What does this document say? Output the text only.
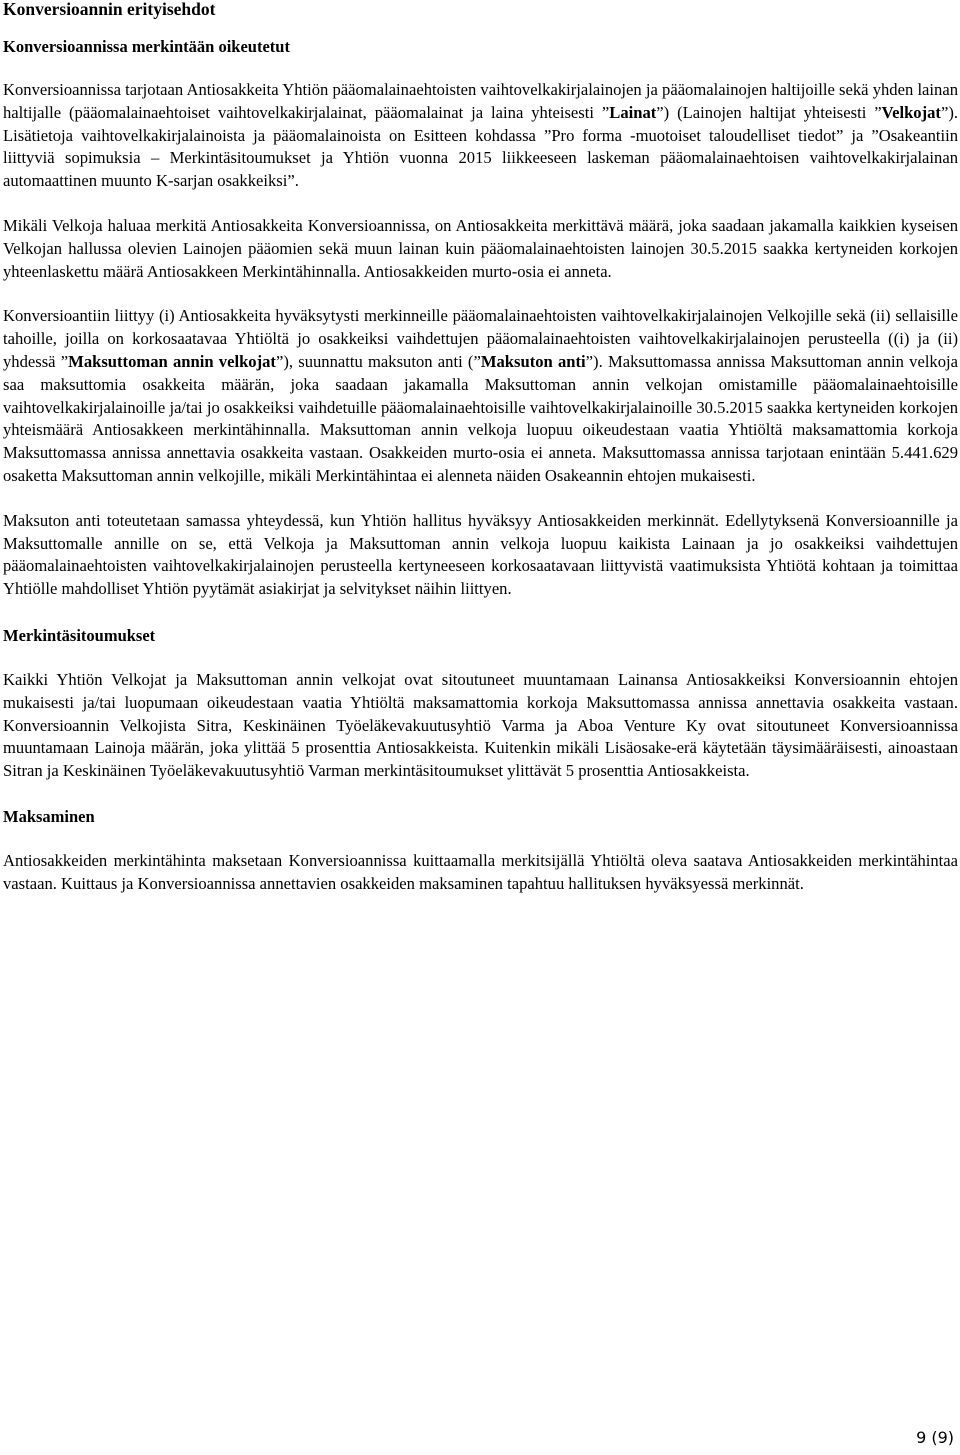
Konversioannin erityisehdot
Konversioannissa merkintään oikeutetut

Konversioannissa tarjotaan Antiosakkeita Yhtiön pääomalainaehtoisten vaihtovelkakirjalainojen ja pääomalainojen haltijoille sekä yhden lainan haltijalle (pääomalainaehtoiset vaihtovelkakirjalainat, pääomalainat ja laina yhteisesti ”Lainat”) (Lainojen haltijat yhteisesti ”Velkojat”). Lisätietoja vaihtovelkakirjalainoista ja pääomalainoista on Esitteen kohdassa ”Pro forma -muotoiset taloudelliset tiedot” ja ”Osakeantiin liittyviä sopimuksia – Merkintäsitoumukset ja Yhtiön vuonna 2015 liikkeeseen laskeman pääomalainaehtoisen vaihtovelkakirjalainan automaattinen muunto K-sarjan osakkeiksi”.

Mikäli Velkoja haluaa merkitä Antiosakkeita Konversioannissa, on Antiosakkeita merkittävä määrä, joka saadaan jakamalla kaikkien kyseisen Velkojan hallussa olevien Lainojen pääomien sekä muun lainan kuin pääomalainaehtoisten lainojen 30.5.2015 saakka kertyneiden korkojen yhteenlaskettu määrä Antiosakkeen Merkintähinnalla. Antiosakkeiden murto-osia ei anneta.

Konversioantiin liittyy (i) Antiosakkeita hyväksytysti merkinneille pääomalainaehtoisten vaihtovelkakirjalainojen Velkojille sekä (ii) sellaisille tahoille, joilla on korkosaatavaa Yhtiöltä jo osakkeiksi vaihdettujen pääomalainaehtoisten vaihtovelkakirjalainojen perusteella ((i) ja (ii) yhdessä ”Maksuttoman annin velkojat”), suunnattu maksuton anti (”Maksuton anti”). Maksuttomassa annissa Maksuttoman annin velkoja saa maksuttomia osakkeita määrän, joka saadaan jakamalla Maksuttoman annin velkojan omistamille pääomalainaehtoisille vaihtovelkakirjalainoille ja/tai jo osakkeiksi vaihdetuille pääomalainaehtoisille vaihtovelkakirjalainoille 30.5.2015 saakka kertyneiden korkojen yhteismäärä Antiosakkeen merkintähinnalla. Maksuttoman annin velkoja luopuu oikeudestaan vaatia Yhtiöltä maksamattomia korkoja Maksuttomassa annissa annettavia osakkeita vastaan. Osakkeiden murto-osia ei anneta. Maksuttomassa annissa tarjotaan enintään 5.441.629 osaketta Maksuttoman annin velkojille, mikäli Merkintähintaa ei alenneta näiden Osakeannin ehtojen mukaisesti.

Maksuton anti toteutetaan samassa yhteydessä, kun Yhtiön hallitus hyväksyy Antiosakkeiden merkinnät. Edellytyksenä Konversioannille ja Maksuttomalle annille on se, että Velkoja ja Maksuttoman annin velkoja luopuu kaikista Lainaan ja jo osakkeiksi vaihdettujen pääomalainaehtoisten vaihtovelkakirjalainojen perusteella kertyneeseen korkosaatavaan liittyvistä vaatimuksista Yhtiötä kohtaan ja toimittaa Yhtiölle mahdolliset Yhtiön pyytämät asiakirjat ja selvitykset näihin liittyen.

Merkintäsitoumukset

Kaikki Yhtiön Velkojat ja Maksuttoman annin velkojat ovat sitoutuneet muuntamaan Lainansa Antiosakkeiksi Konversioannin ehtojen mukaisesti ja/tai luopumaan oikeudestaan vaatia Yhtiöltä maksamattomia korkoja Maksuttomassa annissa annettavia osakkeita vastaan. Konversioannin Velkojista Sitra, Keskinäinen Työeläkevakuutusyhtiö Varma ja Aboa Venture Ky ovat sitoutuneet Konversioannissa muuntamaan Lainoja määrän, joka ylittää 5 prosenttia Antiosakkeista. Kuitenkin mikäli Lisäosake-erä käytetään täysimääräisesti, ainoastaan Sitran ja Keskinäinen Työeläkevakuutusyhtiö Varman merkintäsitoumukset ylittävät 5 prosenttia Antiosakkeista.

Maksaminen

Antiosakkeiden merkintähinta maksetaan Konversioannissa kuittaamalla merkitsijällä Yhtiöltä oleva saatava Antiosakkeiden merkintähintaa vastaan. Kuittaus ja Konversioannissa annettavien osakkeiden maksaminen tapahtuu hallituksen hyväksyessä merkinnät.

9 (9)
